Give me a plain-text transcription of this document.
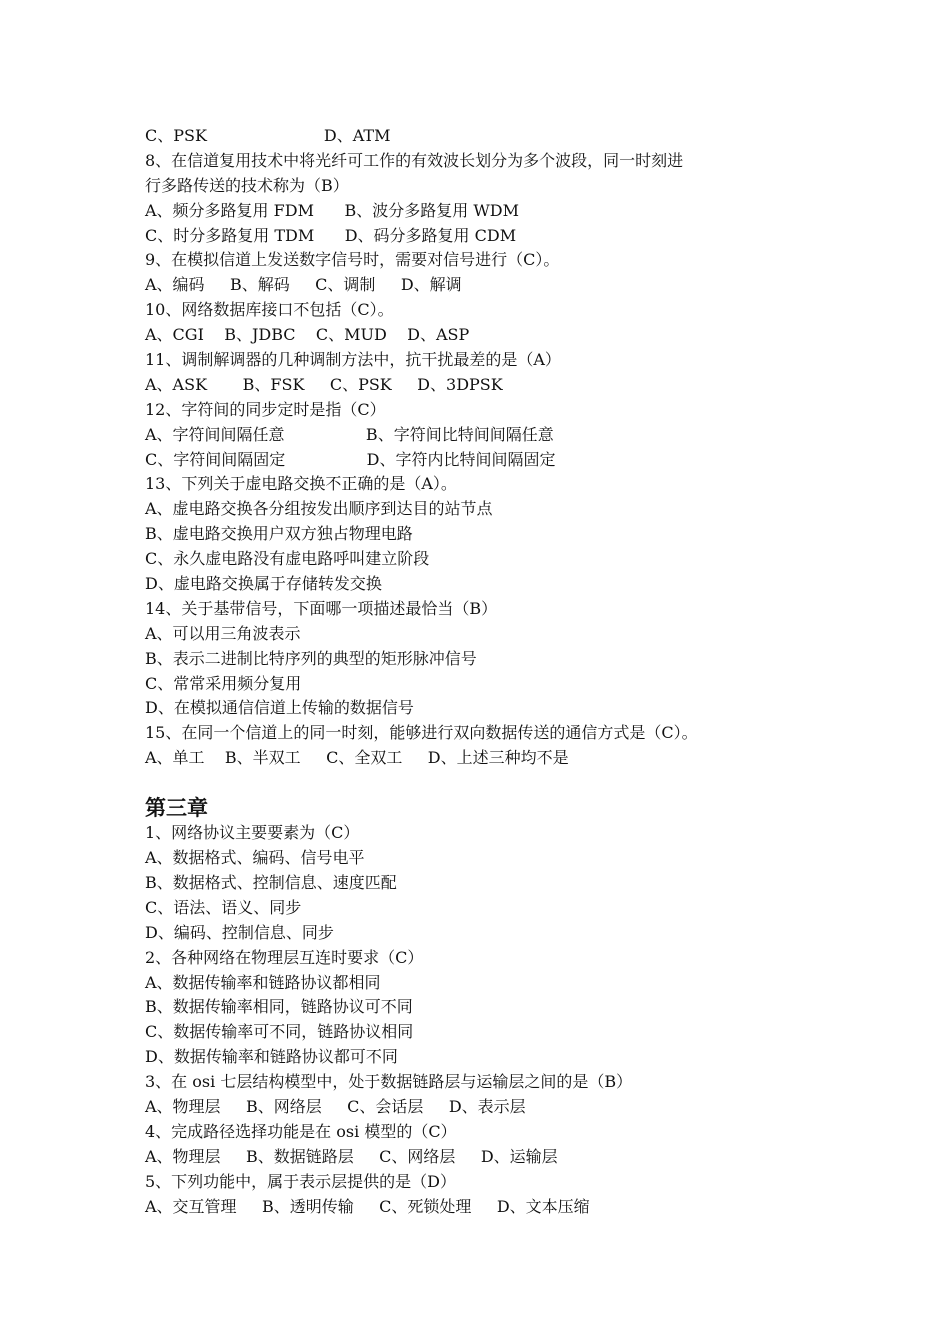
C、PSK                       D、ATM
8、在信道复用技术中将光纤可工作的有效波长划分为多个波段，同一时刻进
行多路传送的技术称为（B）
A、频分多路复用 FDM      B、波分多路复用 WDM
C、时分多路复用 TDM      D、码分多路复用 CDM
9、在模拟信道上发送数字信号时，需要对信号进行（C）。
A、编码     B、解码     C、调制     D、解调
10、网络数据库接口不包括（C）。
A、CGI    B、JDBC    C、MUD    D、ASP
11、调制解调器的几种调制方法中，抗干扰最差的是（A）
A、ASK       B、FSK     C、PSK     D、3DPSK
12、字符间的同步定时是指（C）
A、字符间间隔任意                B、字符间比特间间隔任意
C、字符间间隔固定                D、字符内比特间间隔固定
13、下列关于虚电路交换不正确的是（A）。
A、虚电路交换各分组按发出顺序到达目的站节点
B、虚电路交换用户双方独占物理电路
C、永久虚电路没有虚电路呼叫建立阶段
D、虚电路交换属于存储转发交换
14、关于基带信号，下面哪一项描述最恰当（B）
A、可以用三角波表示
B、表示二进制比特序列的典型的矩形脉冲信号
C、常常采用频分复用
D、在模拟通信信道上传输的数据信号
15、在同一个信道上的同一时刻，能够进行双向数据传送的通信方式是（C）。
A、单工    B、半双工     C、全双工     D、上述三种均不是
第三章
1、网络协议主要要素为（C）
A、数据格式、编码、信号电平
B、数据格式、控制信息、速度匹配
C、语法、语义、同步
D、编码、控制信息、同步
2、各种网络在物理层互连时要求（C）
A、数据传输率和链路协议都相同
B、数据传输率相同，链路协议可不同
C、数据传输率可不同，链路协议相同
D、数据传输率和链路协议都可不同
3、在 osi 七层结构模型中，处于数据链路层与运输层之间的是（B）
A、物理层     B、网络层     C、会话层     D、表示层
4、完成路径选择功能是在 osi 模型的（C）
A、物理层     B、数据链路层     C、网络层     D、运输层
5、下列功能中，属于表示层提供的是（D）
A、交互管理     B、透明传输     C、死锁处理     D、文本压缩
